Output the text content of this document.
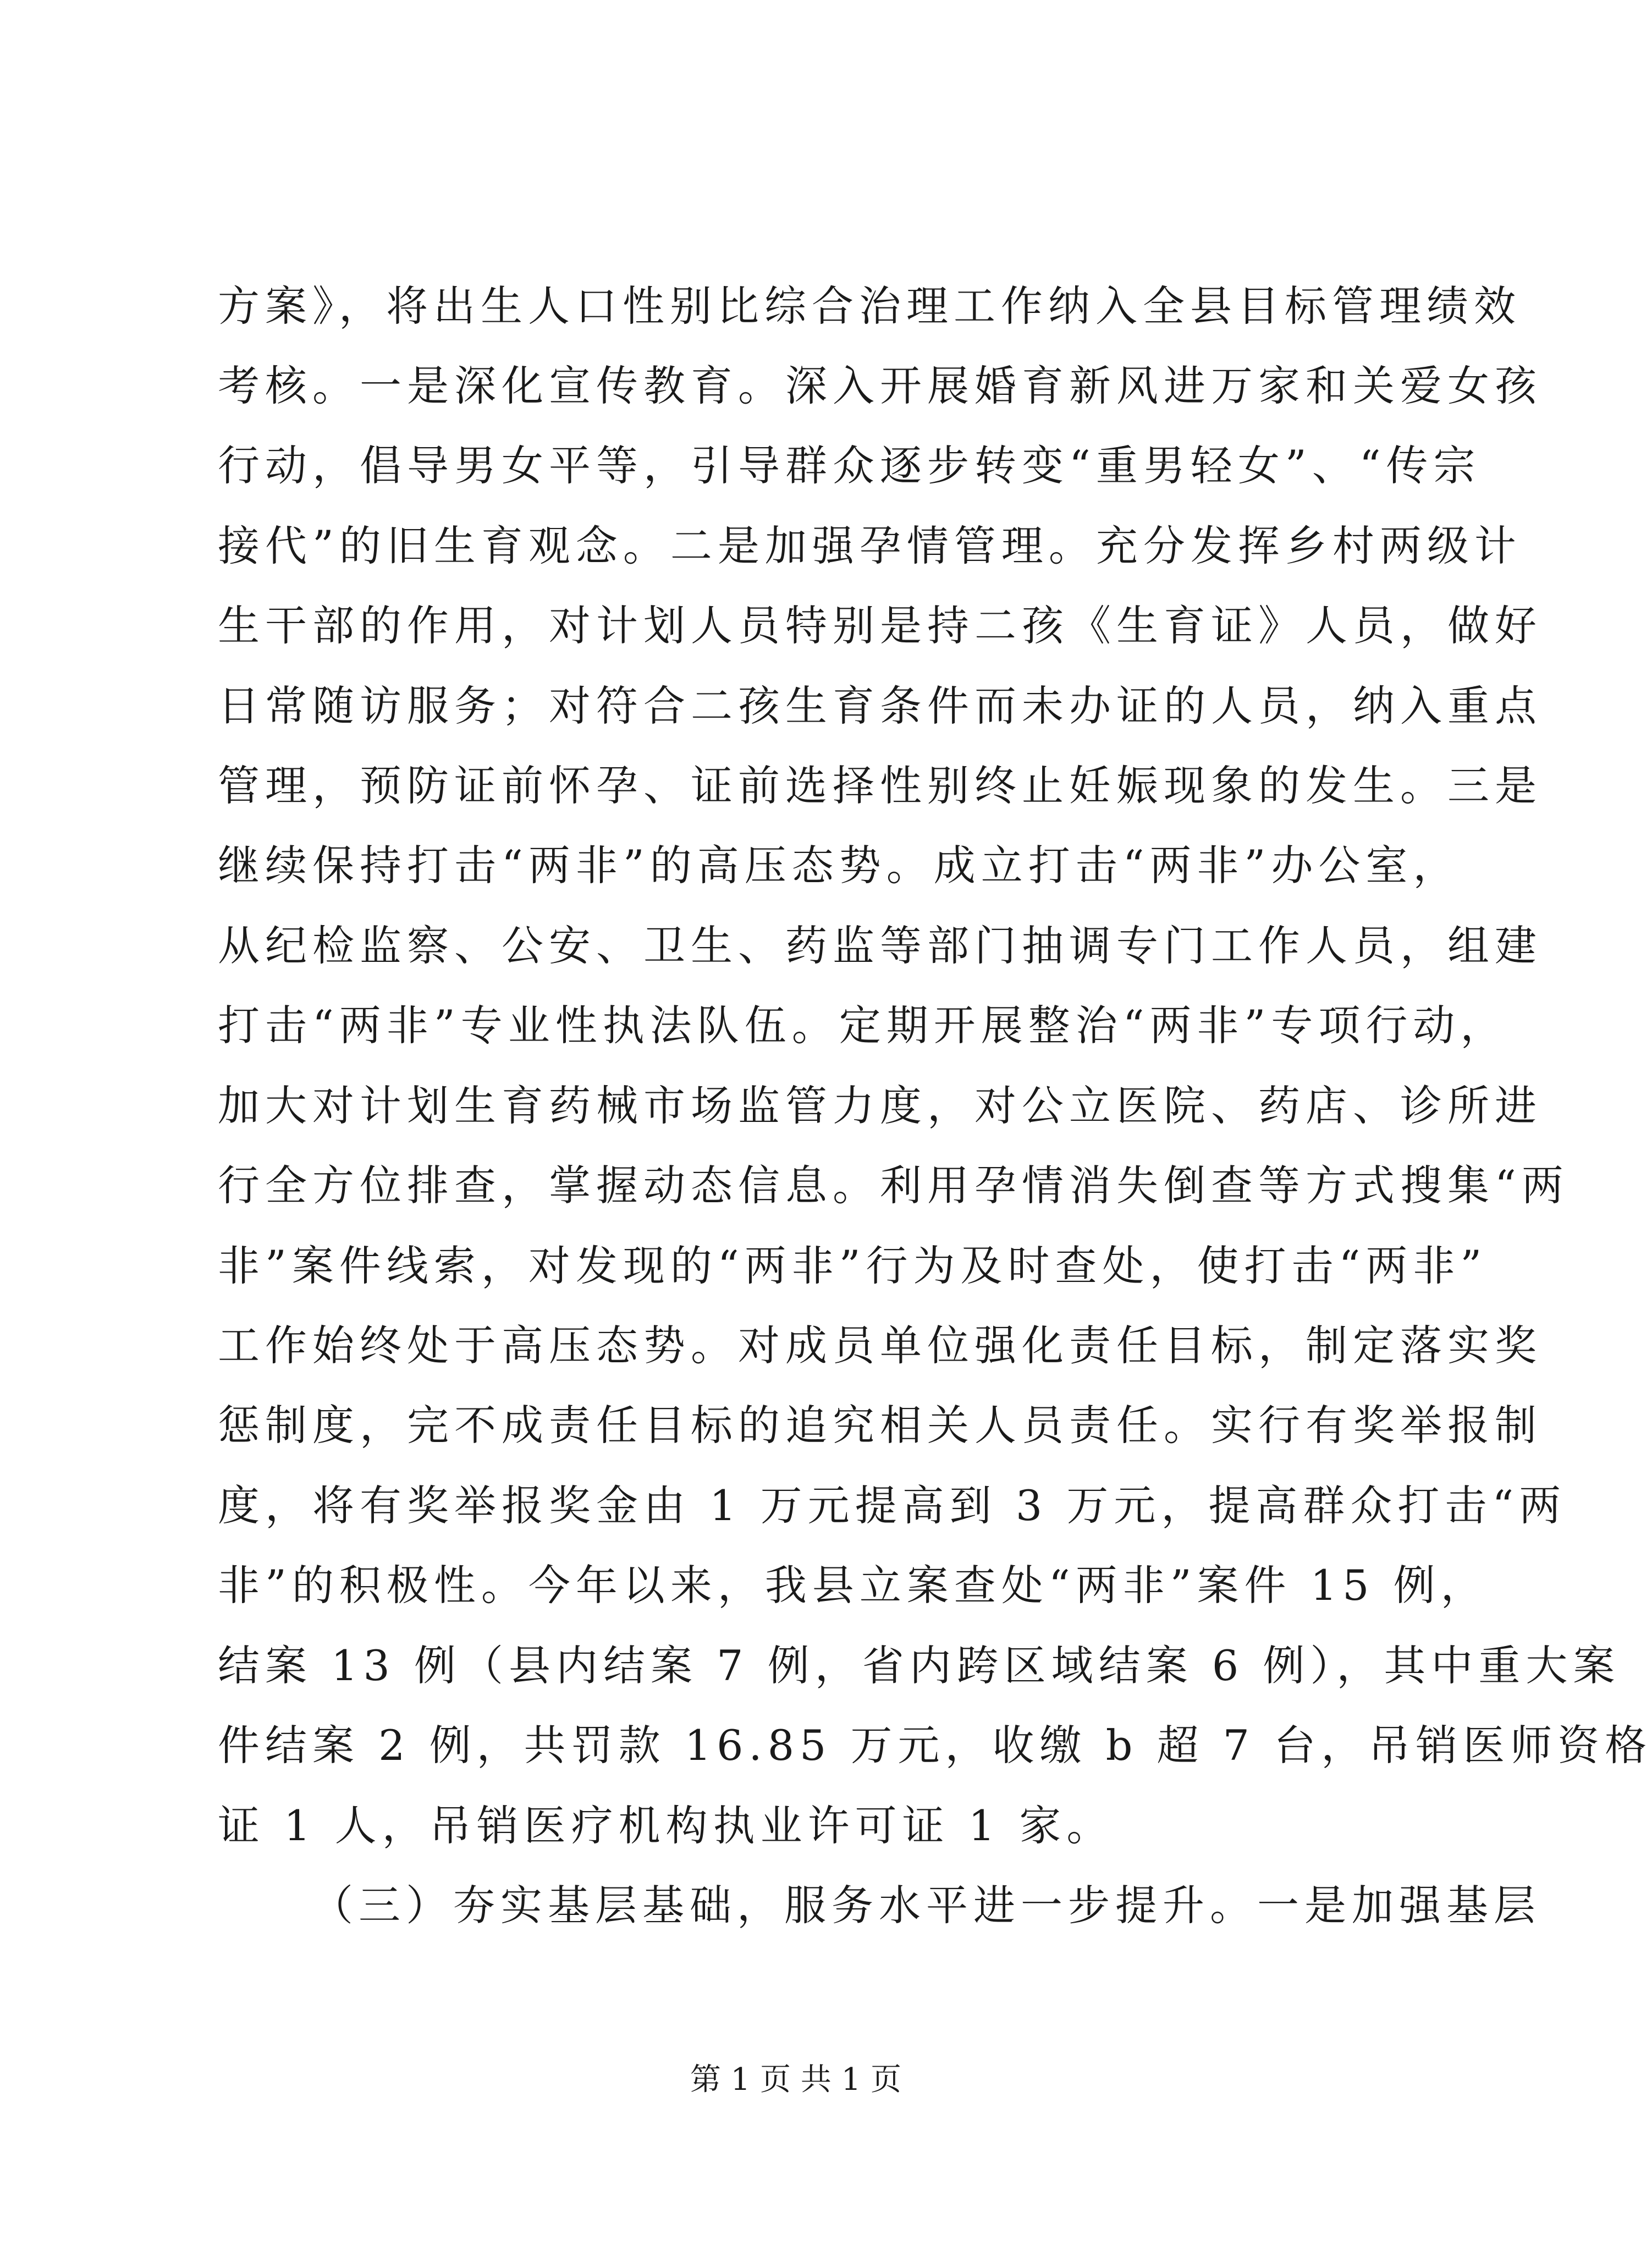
方案》，将出生人口性别比综合治理工作纳入全县目标管理绩效
考核。一是深化宣传教育。深入开展婚育新风进万家和关爱女孩
行动，倡导男女平等，引导群众逐步转变“重男轻女”、“传宗
接代”的旧生育观念。二是加强孕情管理。充分发挥乡村两级计
生干部的作用，对计划人员特别是持二孩《生育证》人员，做好
日常随访服务；对符合二孩生育条件而未办证的人员，纳入重点
管理，预防证前怀孕、证前选择性别终止妊娠现象的发生。三是
继续保持打击“两非”的高压态势。成立打击“两非”办公室，
从纪检监察、公安、卫生、药监等部门抽调专门工作人员，组建
打击“两非”专业性执法队伍。定期开展整治“两非”专项行动，
加大对计划生育药械市场监管力度，对公立医院、药店、诊所进
行全方位排查，掌握动态信息。利用孕情消失倒查等方式搜集“两
非”案件线索，对发现的“两非”行为及时查处，使打击“两非”
工作始终处于高压态势。对成员单位强化责任目标，制定落实奖
惩制度，完不成责任目标的追究相关人员责任。实行有奖举报制
度，将有奖举报奖金由 1 万元提高到 3 万元，提高群众打击“两
非”的积极性。今年以来，我县立案查处“两非”案件 15 例，
结案 13 例（县内结案 7 例，省内跨区域结案 6 例），其中重大案
件结案 2 例，共罚款 16.85 万元，收缴 b 超 7 台，吊销医师资格
证 1 人，吊销医疗机构执业许可证 1 家。
（三）夯实基层基础，服务水平进一步提升。一是加强基层
第 1 页 共 1 页
